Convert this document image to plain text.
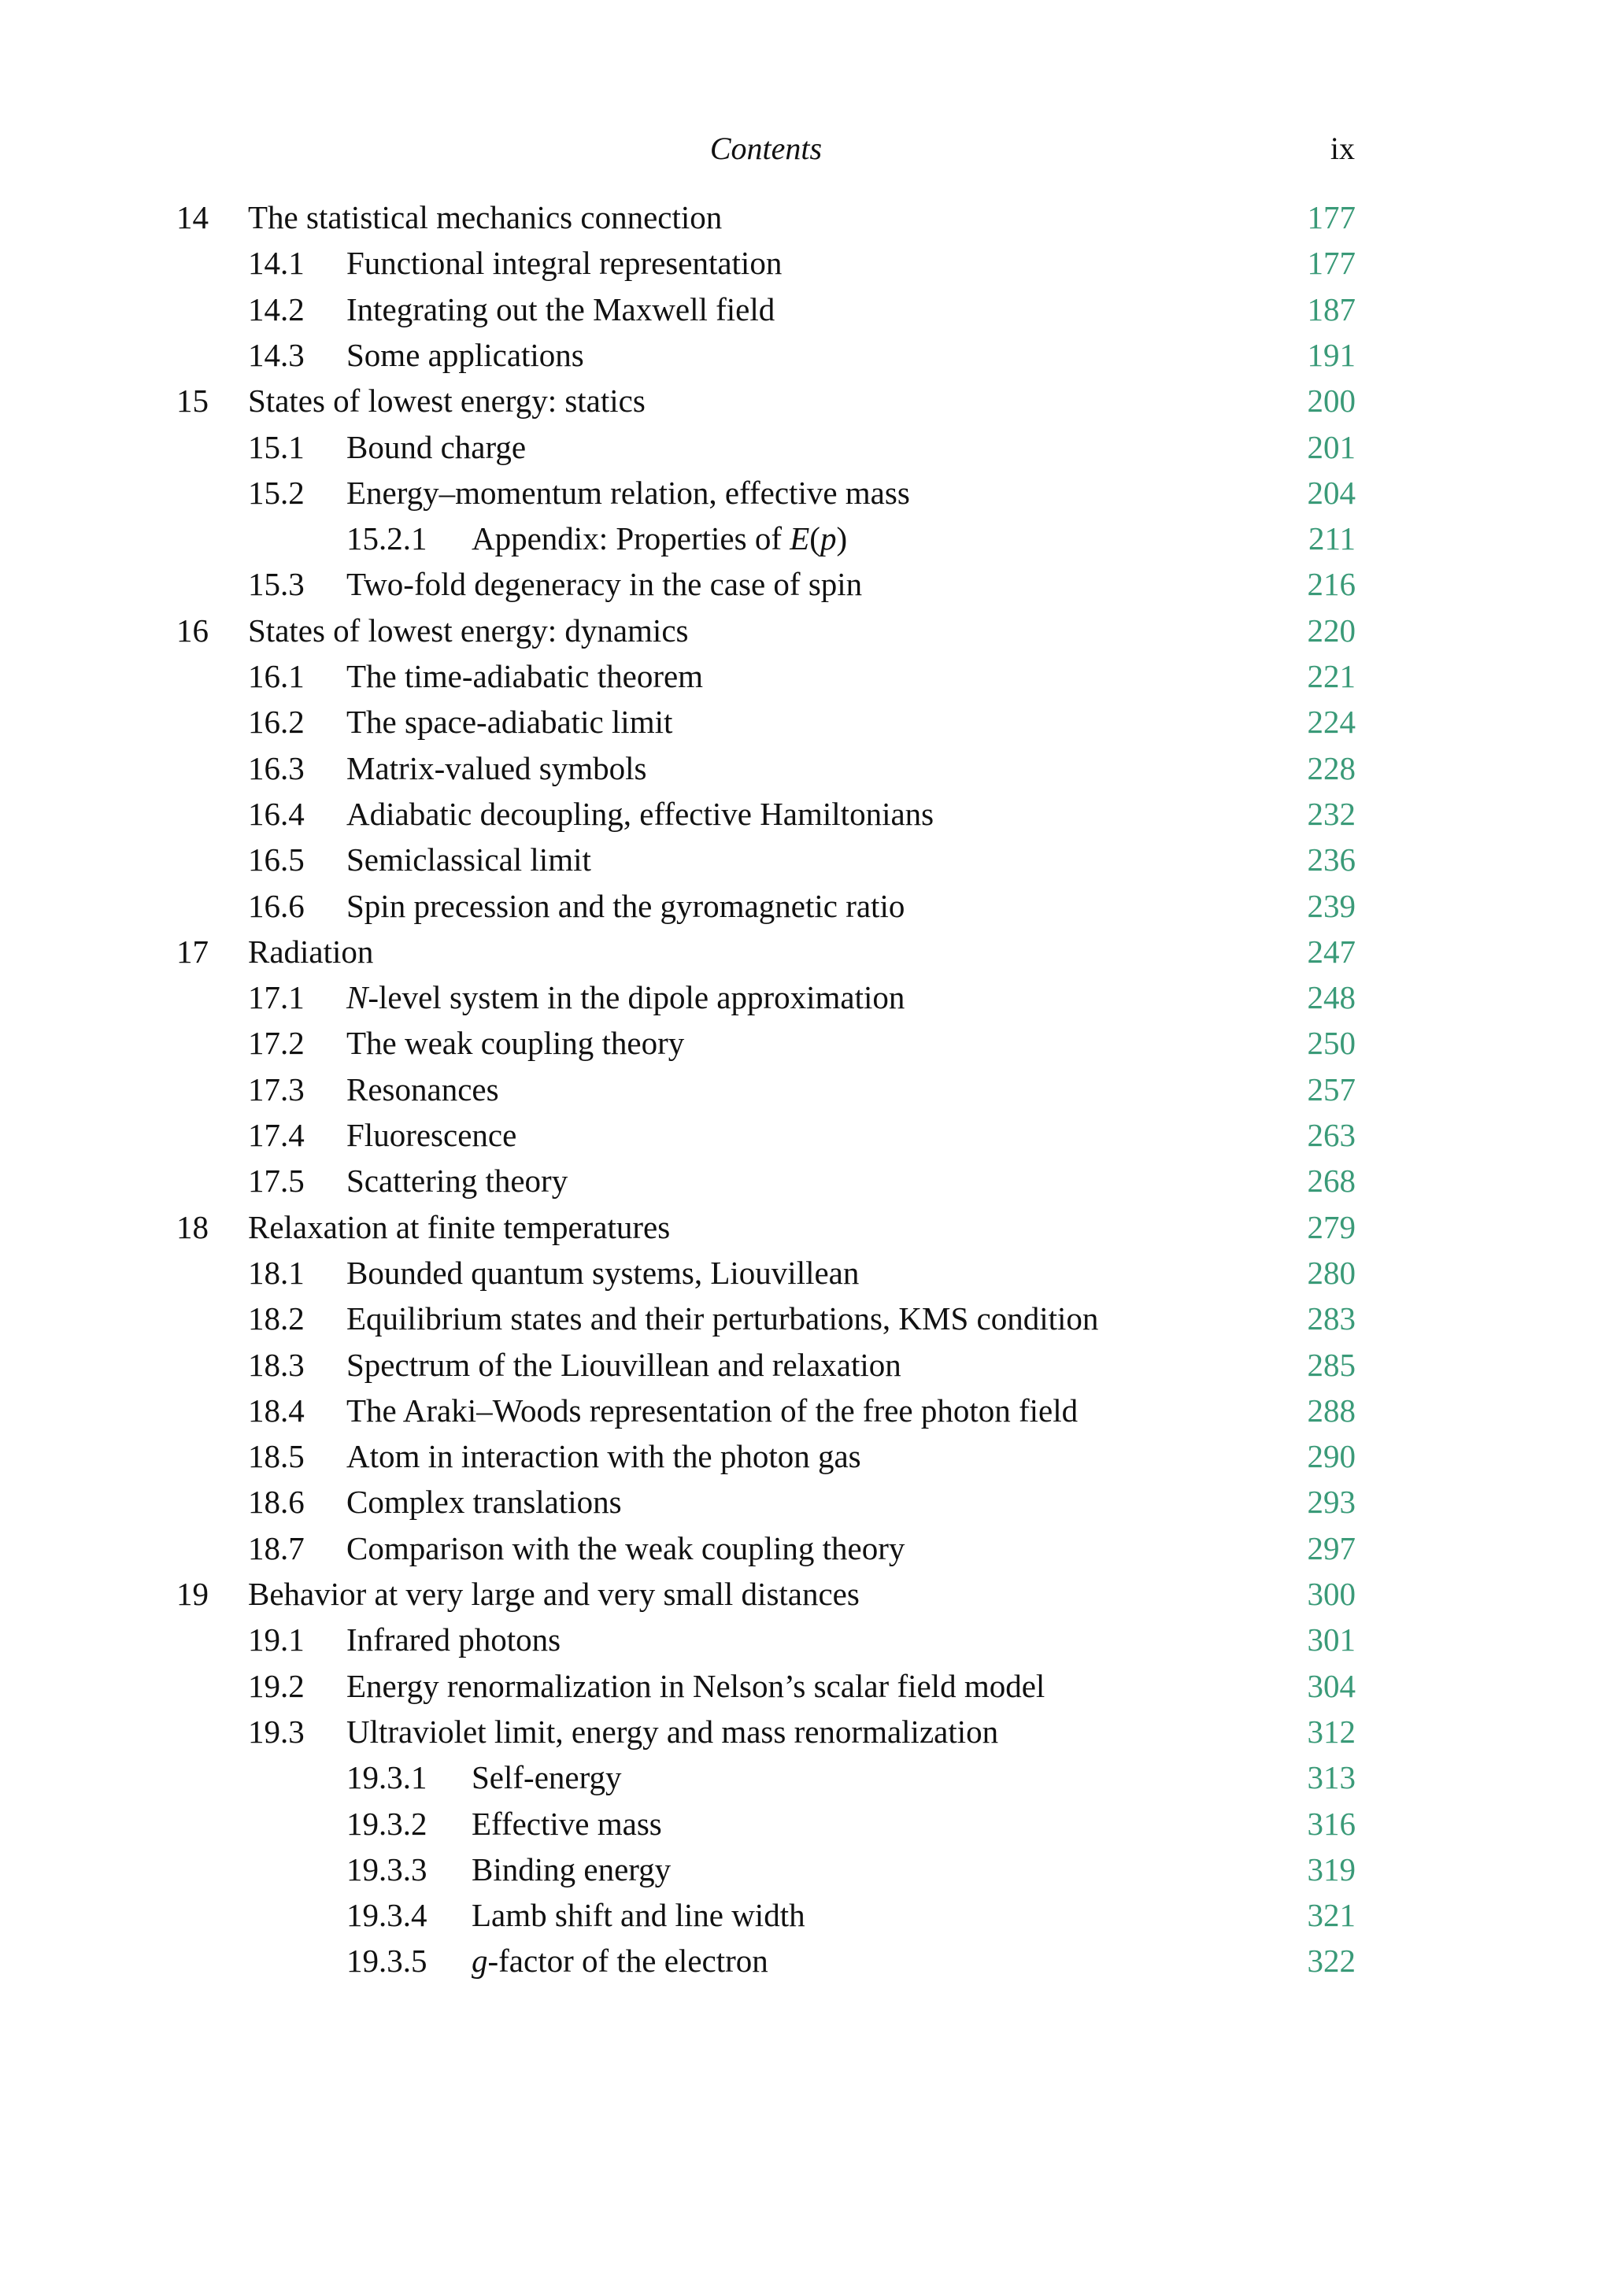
Contents	ix
14 The statistical mechanics connection	177
14.1 Functional integral representation	177
14.2 Integrating out the Maxwell field	187
14.3 Some applications	191
15 States of lowest energy: statics	200
15.1 Bound charge	201
15.2 Energy–momentum relation, effective mass	204
15.2.1 Appendix: Properties of E(p)	211
15.3 Two-fold degeneracy in the case of spin	216
16 States of lowest energy: dynamics	220
16.1 The time-adiabatic theorem	221
16.2 The space-adiabatic limit	224
16.3 Matrix-valued symbols	228
16.4 Adiabatic decoupling, effective Hamiltonians	232
16.5 Semiclassical limit	236
16.6 Spin precession and the gyromagnetic ratio	239
17 Radiation	247
17.1 N-level system in the dipole approximation	248
17.2 The weak coupling theory	250
17.3 Resonances	257
17.4 Fluorescence	263
17.5 Scattering theory	268
18 Relaxation at finite temperatures	279
18.1 Bounded quantum systems, Liouvillean	280
18.2 Equilibrium states and their perturbations, KMS condition	283
18.3 Spectrum of the Liouvillean and relaxation	285
18.4 The Araki–Woods representation of the free photon field	288
18.5 Atom in interaction with the photon gas	290
18.6 Complex translations	293
18.7 Comparison with the weak coupling theory	297
19 Behavior at very large and very small distances	300
19.1 Infrared photons	301
19.2 Energy renormalization in Nelson’s scalar field model	304
19.3 Ultraviolet limit, energy and mass renormalization	312
19.3.1 Self-energy	313
19.3.2 Effective mass	316
19.3.3 Binding energy	319
19.3.4 Lamb shift and line width	321
19.3.5 g-factor of the electron	322
